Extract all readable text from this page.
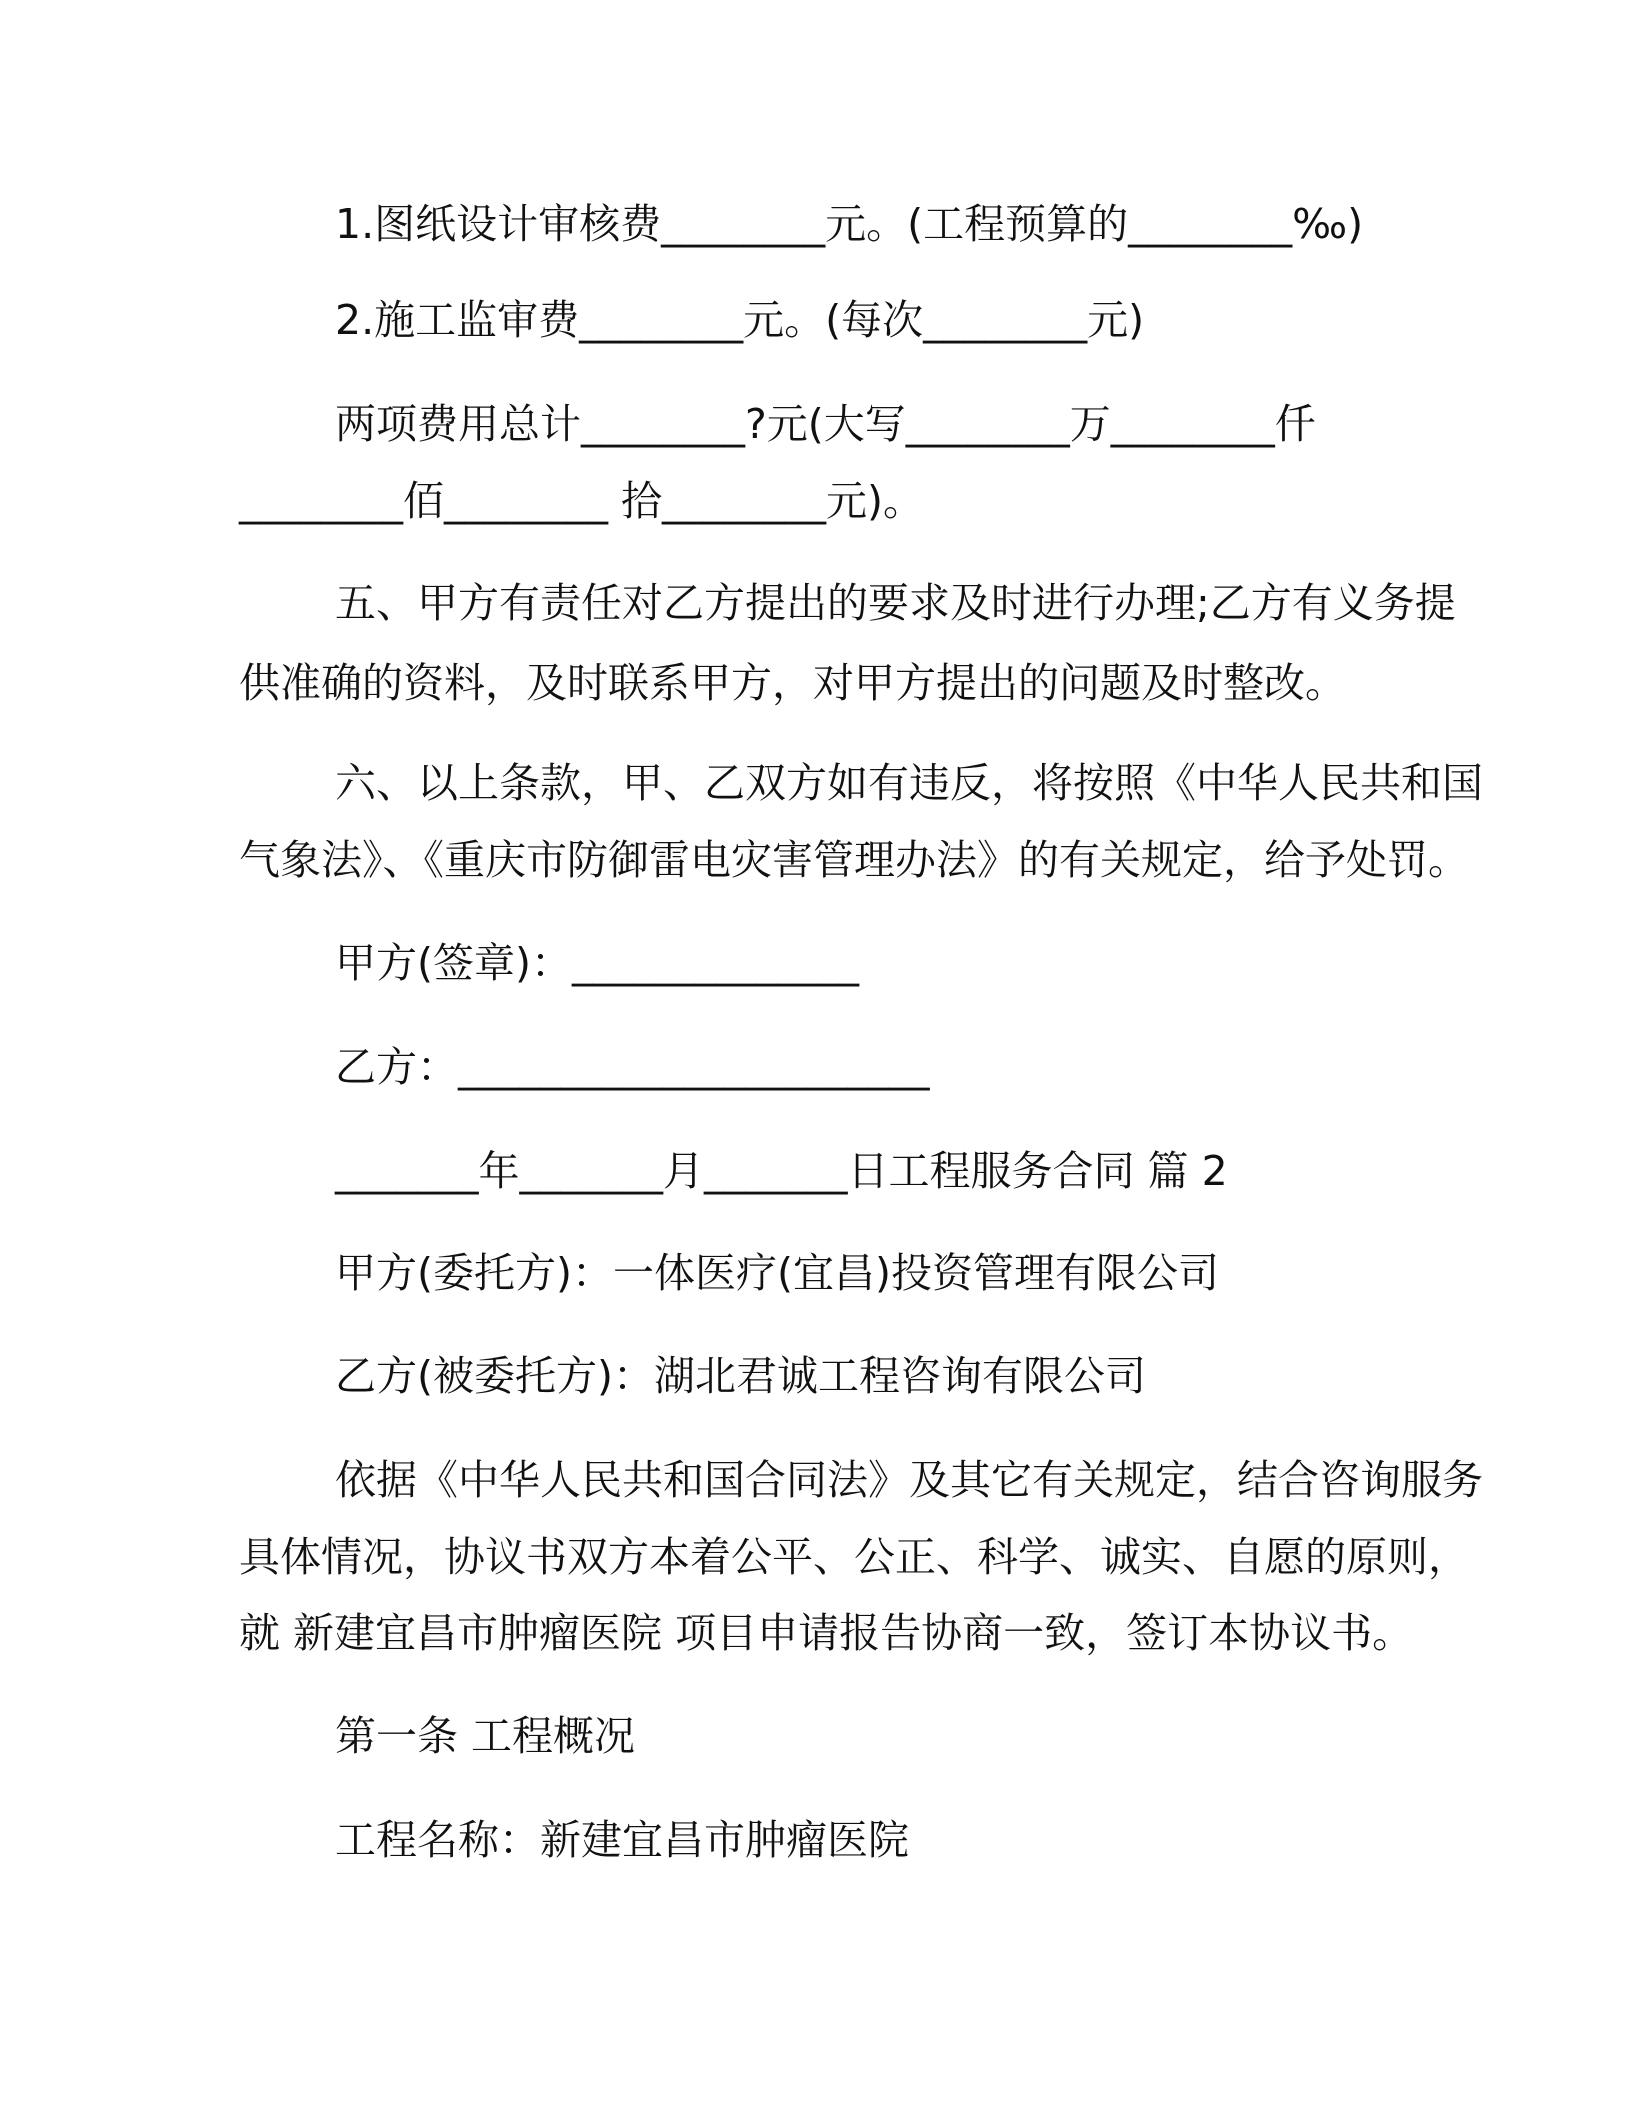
1.图纸设计审核费________元。(工程预算的________‰)
2.施工监审费________元。(每次________元)
两项费用总计________?元(大写________万________仟
________佰________ 拾________元)。
五、甲方有责任对乙方提出的要求及时进行办理;乙方有义务提
供准确的资料，及时联系甲方，对甲方提出的问题及时整改。
六、以上条款，甲、乙双方如有违反，将按照《中华人民共和国
气象法》、《重庆市防御雷电灾害管理办法》的有关规定，给予处罚。
甲方(签章)：______________
乙方：_______________________
_______年_______月_______日工程服务合同 篇 2
甲方(委托方)：一体医疗(宜昌)投资管理有限公司
乙方(被委托方)：湖北君诚工程咨询有限公司
依据《中华人民共和国合同法》及其它有关规定，结合咨询服务
具体情况，协议书双方本着公平、公正、科学、诚实、自愿的原则，
就 新建宜昌市肿瘤医院 项目申请报告协商一致，签订本协议书。
第一条 工程概况
工程名称：新建宜昌市肿瘤医院
